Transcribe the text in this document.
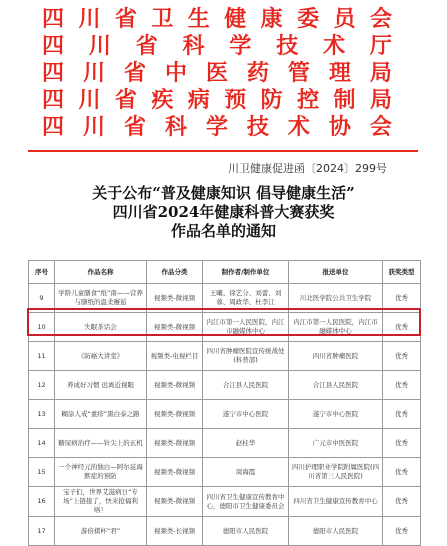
四 川 省 卫 生 健 康 委 员 会
四 川 省 科 学 技 术 厅
四 川 省 中 医 药 管 理 局
四 川 省 疾 病 预 防 控 制 局
四 川 省 科 学 技 术 协 会
川卫健康促进函〔2024〕299号
关于公布“普及健康知识 倡导健康生活”
四川省2024年健康科普大赛获奖
作品名单的通知
序号	作品名称	作品分类	制作者/制作单位	报送单位	获奖类型
9	学龄儿童膳食“纸”南——营养与膳纸的温柔邂逅	视频类-微视频	王曦、徐艺分、刘蕾、刘蓉、周政华、杜李江	川北医学院公共卫生学院	优秀
10	失眠茶话会	视频类-微视频	内江市第一人民医院，内江市融媒体中心	内江市第一人民医院，内江市融媒体中心	优秀
11	《防癌大讲堂》	视频类-电视栏目	四川省肿瘤医院宣传统战处(科普部)	四川省肿瘤医院	优秀
12	养成好习惯 远离近视眼	视频类-微视频	合江县人民医院	合江县人民医院	优秀
13	糊涂人戒“重疹”黑白泰之路	视频类-微视频	遂宁市中心医院	遂宁市中心医院	优秀
14	糖尿病治疗——针尖上的玄机	视频类-微视频	赵桂华	广元市中医医院	优秀
15	一个神经元的独白—阿尔兹海默症的预防	视频类-微视频	周海霞	四川护理职业学院附属医院(四川省第三人民医院)	优秀
16	宝子们，世界艾滋病日“专场”上链接了，快来抢福利咯！	视频类-微视频	四川省卫生健康宣传教育中心，德阳市卫生健康委员会	四川省卫生健康宣传教育中心	优秀
17	游倍棋杯“君”	视频类-长视频	德阳市人民医院	德阳市人民医院	优秀
